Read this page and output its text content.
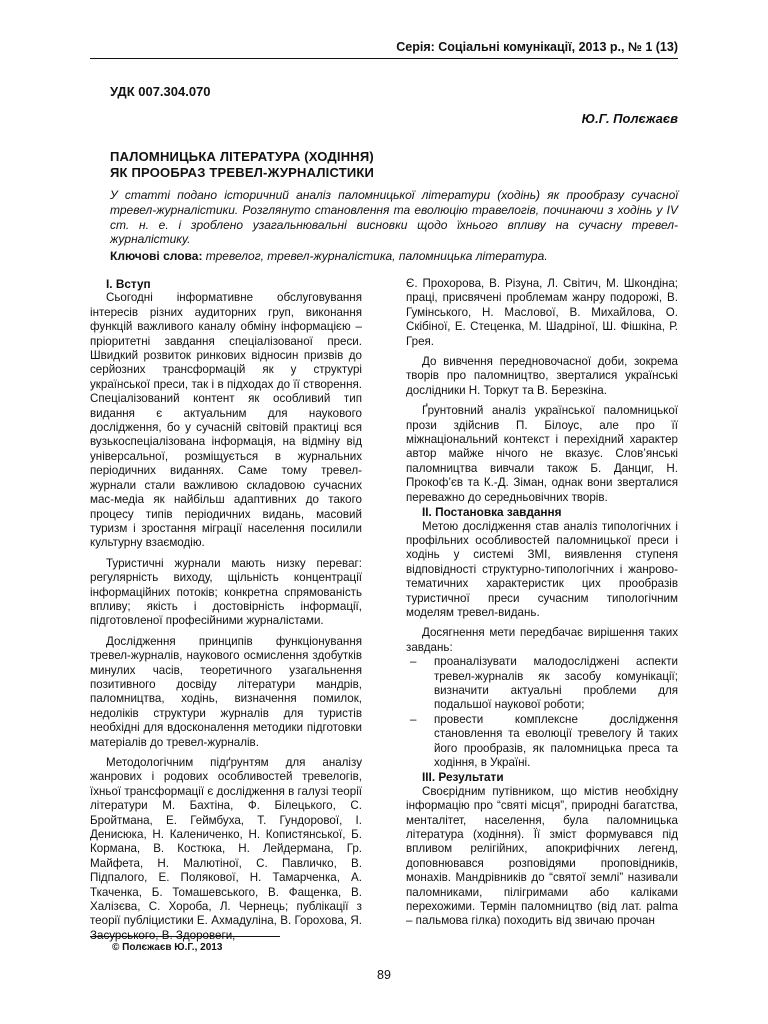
Серія: Соціальні комунікації, 2013 р., № 1 (13)
УДК 007.304.070
Ю.Г. Полєжаєв
ПАЛОМНИЦЬКА ЛІТЕРАТУРА (ХОДІННЯ)
ЯК ПРООБРАЗ ТРЕВЕЛ-ЖУРНАЛІСТИКИ
У статті подано історичний аналіз паломницької літератури (ходінь) як прообразу сучасної тревел-журналістики. Розглянуто становлення та еволюцію травелогів, починаючи з ходінь у IV ст. н. е. і зроблено узагальнювальні висновки щодо їхнього впливу на сучасну тревел-журналістику.
Ключові слова: тревелог, тревел-журналістика, паломницька література.
І. Вступ

Сьогодні інформативне обслуговування інтересів різних аудиторних груп, виконання функцій важливого каналу обміну інформацією – пріоритетні завдання спеціалізованої преси. Швидкий розвиток ринкових відносин призвів до серйозних трансформацій як у структурі української преси, так і в підходах до її створення. Спеціалізований контент як особливий тип видання є актуальним для наукового дослідження, бо у сучасній світовій практиці вся вузькоспеціалізована інформація, на відміну від універсальної, розміщується в журнальних періодичних виданнях. Саме тому тревел-журнали стали важливою складовою сучасних мас-медіа як найбільш адаптивних до такого процесу типів періодичних видань, масовий туризм і зростання міграції населення посилили культурну взаємодію.

Туристичні журнали мають низку переваг: регулярність виходу, щільність концентрації інформаційних потоків; конкретна спрямованість впливу; якість і достовірність інформації, підготовленої професійними журналістами.

Дослідження принципів функціонування тревел-журналів, наукового осмислення здобутків минулих часів, теоретичного узагальнення позитивного досвіду літератури мандрів, паломництва, ходінь, визначення помилок, недоліків структури журналів для туристів необхідні для вдосконалення методики підготовки матеріалів до тревел-журналів.

Методологічним підґрунтям для аналізу жанрових і родових особливостей тревелогів, їхньої трансформації є дослідження в галузі теорії літератури М. Бахтіна, Ф. Білецького, С. Бройтмана, Е. Геймбуха, Т. Гундорової, І. Денисюка, Н. Калениченко, Н. Копистянської, Б. Кормана, В. Костюка, Н. Лейдермана, Гр. Майфета, Н. Малютіної, С. Павличко, В. Підпалого, Е. Полякової, Н. Тамарченка, А. Ткаченка, Б. Томашевського, В. Фащенка, В. Халізєва, С. Хороба, Л. Чернець; публікації з теорії публіцистики Е. Ахмадуліна, В. Горохова, Я. Засурського, В. Здоровеги,

Є. Прохорова, В. Різуна, Л. Світич, М. Шкондіна; праці, присвячені проблемам жанру подорожі, В. Гумінського, Н. Маслової, В. Михайлова, О. Скібіної, Е. Стеценка, М. Шадріної, Ш. Фішкіна, Р. Грея.

До вивчення передновочасної доби, зокрема творів про паломництво, зверталися українські дослідники Н. Торкут та В. Березкіна.

Ґрунтовний аналіз української паломницької прози здійснив П. Білоус, але про її міжнаціональний контекст і перехідний характер автор майже нічого не вказує. Слов’янські паломництва вивчали також Б. Данциг, Н. Прокоф’єв та К.-Д. Зіман, однак вони зверталися переважно до середньовічних творів.

ІІ. Постановка завдання

Метою дослідження став аналіз типологічних і профільних особливостей паломницької преси і ходінь у системі ЗМІ, виявлення ступеня відповідності структурно-типологічних і жанрово-тематичних характеристик цих прообразів туристичної преси сучасним типологічним моделям тревел-видань.

Досягнення мети передбачає вирішення таких завдань:

– проаналізувати малодосліджені аспекти тревел-журналів як засобу комунікації; визначити актуальні проблеми для подальшої наукової роботи;
– провести комплексне дослідження становлення та еволюції тревелогу й таких його прообразів, як паломницька преса та ходіння, в Україні.
ІІІ. Результати

Своєрідним путівником, що містив необхідну інформацію про “святі місця”, природні багатства, менталітет, населення, була паломницька література (ходіння). Її зміст формувався під впливом релігійних, апокрифічних легенд, доповнювався розповідями проповідників, монахів. Мандрівників до “святої землі” називали паломниками, пілігримами або каліками перехожими. Термін паломництво (від лат. palma – пальмова гілка) походить від звичаю прочан

© Полєжаєв Ю.Г., 2013
89
